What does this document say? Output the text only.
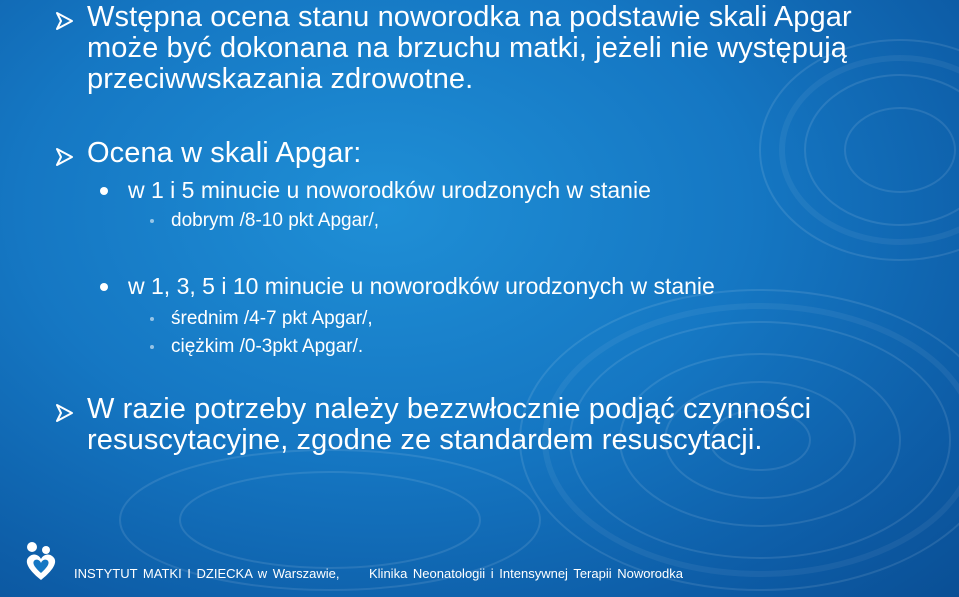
Wstępna ocena stanu noworodka na podstawie skali Apgar może być dokonana na brzuchu matki, jeżeli nie występują przeciwwskazania zdrowotne.
Ocena w skali Apgar:
w 1 i 5 minucie u noworodków urodzonych w stanie
dobrym /8-10 pkt Apgar/,
w 1, 3, 5 i 10 minucie u noworodków urodzonych w stanie
średnim /4-7 pkt Apgar/,
ciężkim /0-3pkt Apgar/.
W razie potrzeby należy bezzwłocznie podjąć czynności resuscytacyjne, zgodne ze standardem resuscytacji.
INSTYTUT MATKI I DZIECKA w Warszawie, Klinika Neonatologii i Intensywnej Terapii Noworodka
